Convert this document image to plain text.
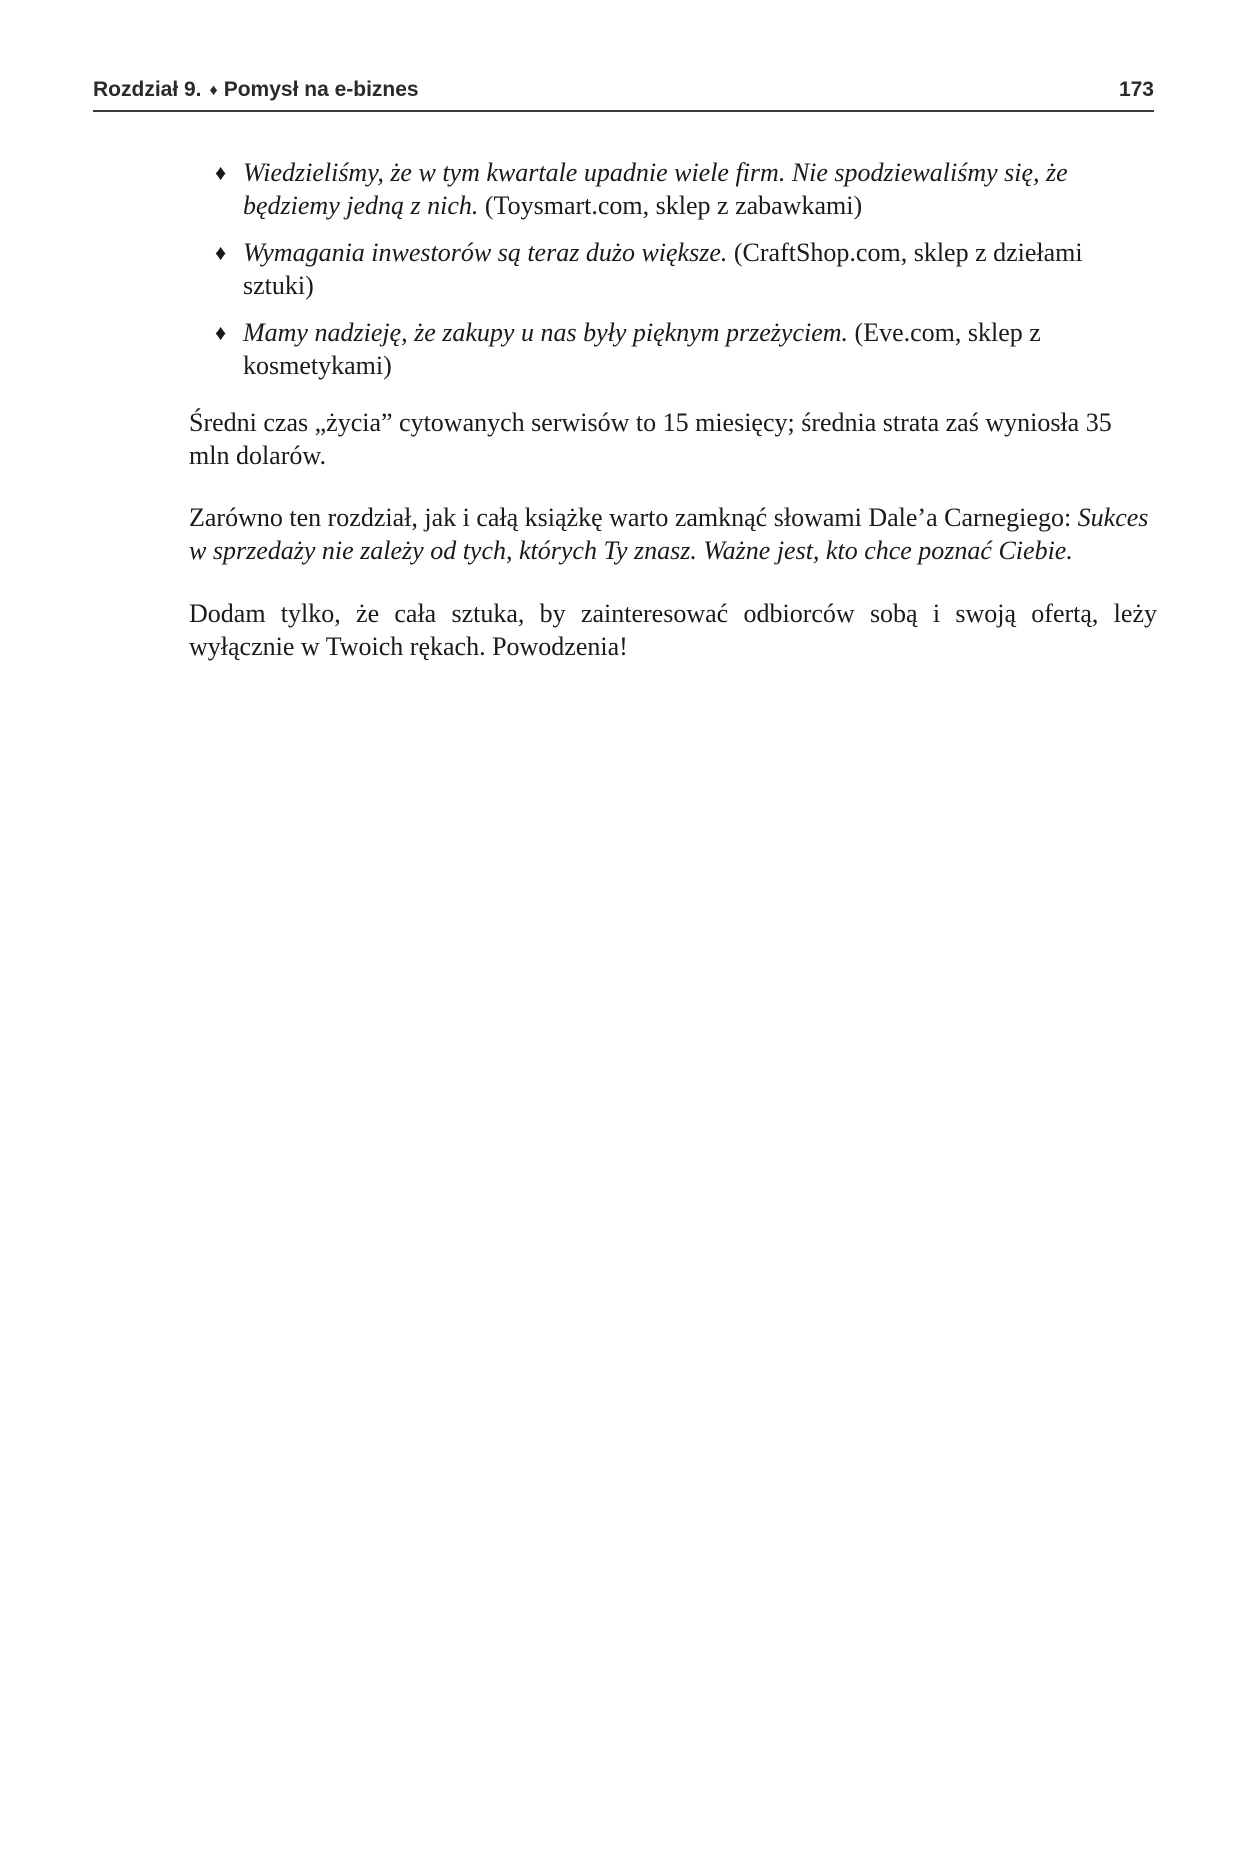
Rozdział 9. ♦ Pomysł na e-biznes	173
♦ Wiedzieliśmy, że w tym kwartale upadnie wiele firm. Nie spodziewaliśmy się, że będziemy jedną z nich. (Toysmart.com, sklep z zabawkami)
♦ Wymagania inwestorów są teraz dużo większe. (CraftShop.com, sklep z dziełami sztuki)
♦ Mamy nadzieję, że zakupy u nas były pięknym przeżyciem. (Eve.com, sklep z kosmetykami)

Średni czas „życia” cytowanych serwisów to 15 miesięcy; średnia strata zaś wyniosła 35 mln dolarów.

Zarówno ten rozdział, jak i całą książkę warto zamknąć słowami Dale’a Carnegiego: Sukces w sprzedaży nie zależy od tych, których Ty znasz. Ważne jest, kto chce poznać Ciebie.

Dodam tylko, że cała sztuka, by zainteresować odbiorców sobą i swoją ofertą, leży wyłącznie w Twoich rękach. Powodzenia!
